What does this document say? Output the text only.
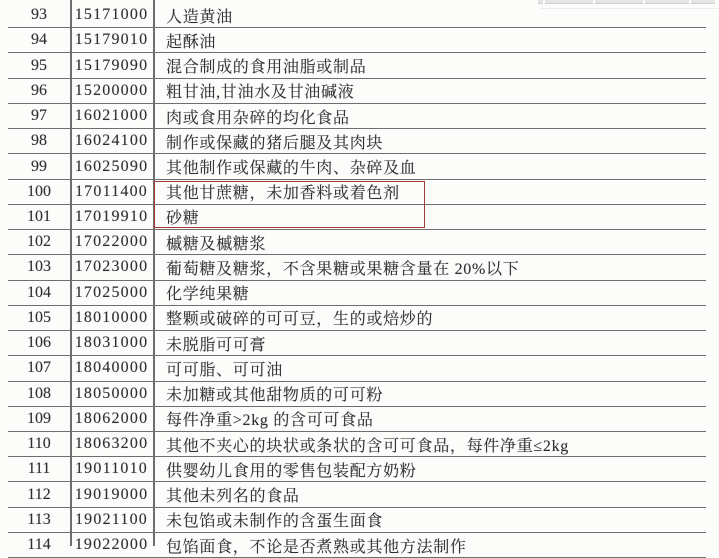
93	15171000	人造黄油
94	15179010	起酥油
95	15179090	混合制成的食用油脂或制品
96	15200000	粗甘油,甘油水及甘油碱液
97	16021000	肉或食用杂碎的均化食品
98	16024100	制作或保藏的猪后腿及其肉块
99	16025090	其他制作或保藏的牛肉、杂碎及血
100	17011400	其他甘蔗糖，未加香料或着色剂
101	17019910	砂糖
102	17022000	槭糖及槭糖浆
103	17023000	葡萄糖及糖浆，不含果糖或果糖含量在 20%以下
104	17025000	化学纯果糖
105	18010000	整颗或破碎的可可豆，生的或焙炒的
106	18031000	未脱脂可可膏
107	18040000	可可脂、可可油
108	18050000	未加糖或其他甜物质的可可粉
109	18062000	每件净重>2kg 的含可可食品
110	18063200	其他不夹心的块状或条状的含可可食品，每件净重≤2kg
111	19011010	供婴幼儿食用的零售包装配方奶粉
112	19019000	其他未列名的食品
113	19021100	未包馅或未制作的含蛋生面食
114	19022000	包馅面食，不论是否煮熟或其他方法制作
